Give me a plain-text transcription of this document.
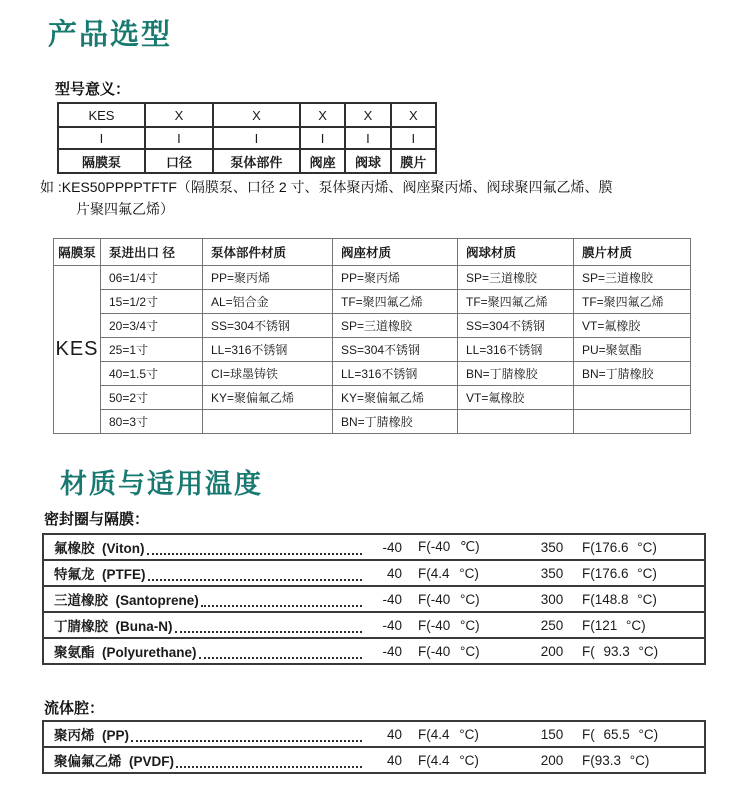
产品选型
型号意义：
KES	X	X	X	X	X
I	I	I	I	I	I
隔膜泵	口径	泵体部件	阀座	阀球	膜片
如 :KES50PPPPTFTF（隔膜泵、口径 2 寸、泵体聚丙烯、阀座聚丙烯、阀球聚四氟乙烯、膜
片聚四氟乙烯）
隔膜泵	泵进出口 径	泵体部件材质	阀座材质	阀球材质	膜片材质
KES	06=1/4寸	PP=聚丙烯	PP=聚丙烯	SP=三道橡胶	SP=三道橡胶
	15=1/2寸	AL=铝合金	TF=聚四氟乙烯	TF=聚四氟乙烯	TF=聚四氟乙烯
	20=3/4寸	SS=304不锈钢	SP=三道橡胶	SS=304不锈钢	VT=氟橡胶
	25=1寸	LL=316不锈钢	SS=304不锈钢	LL=316不锈钢	PU=聚氨酯
	40=1.5寸	CI=球墨铸铁	LL=316不锈钢	BN=丁腈橡胶	BN=丁腈橡胶
	50=2寸	KY=聚偏氟乙烯	KY=聚偏氟乙烯	VT=氟橡胶	
	80=3寸		BN=丁腈橡胶		
材质与适用温度
密封圈与隔膜：
氟橡胶  (Viton)	-40	F(-40 ℃)	350	F(176.6 °C)
特氟龙  (PTFE)	40	F(4.4 °C)	350	F(176.6 °C)
三道橡胶  (Santoprene)	-40	F(-40 °C)	300	F(148.8 °C)
丁腈橡胶  (Buna-N)	-40	F(-40 °C)	250	F(121 °C)
聚氨酯  (Polyurethane)	-40	F(-40 °C)	200	F( 93.3 °C)
流体腔：
聚丙烯  (PP)	40	F(4.4 °C)	150	F( 65.5 °C)
聚偏氟乙烯  (PVDF)	40	F(4.4 °C)	200	F(93.3 °C)
